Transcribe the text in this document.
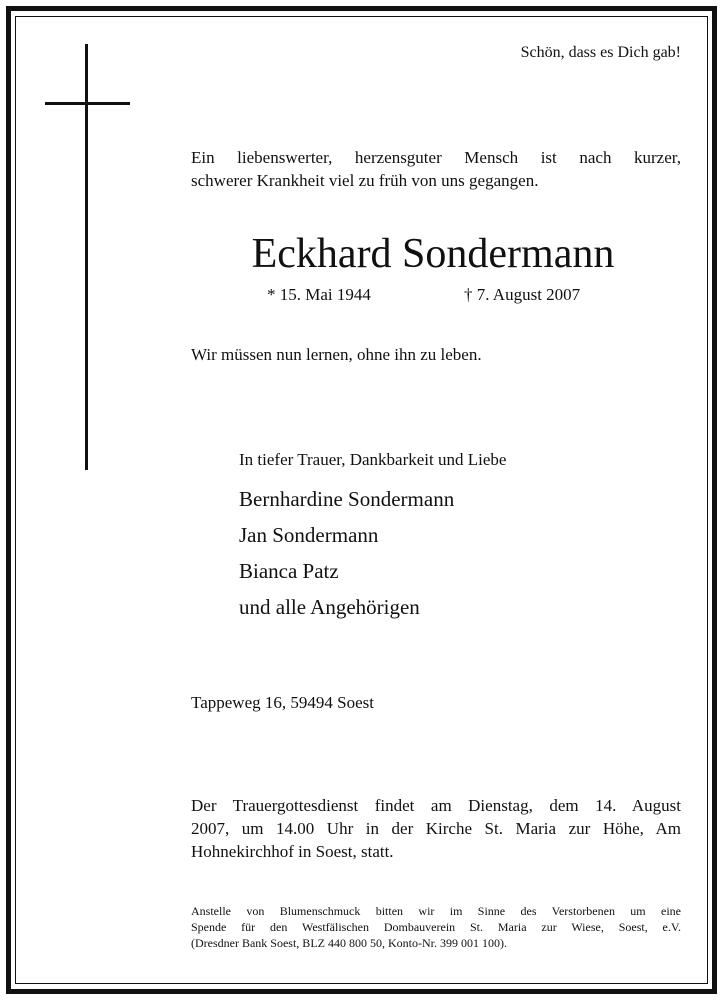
Schön, dass es Dich gab!
Ein liebenswerter, herzensguter Mensch ist nach kurzer,
schwerer Krankheit viel zu früh von uns gegangen.
Eckhard Sondermann
* 15. Mai 1944	† 7. August 2007
Wir müssen nun lernen, ohne ihn zu leben.
In tiefer Trauer, Dankbarkeit und Liebe
Bernhardine Sondermann
Jan Sondermann
Bianca Patz
und alle Angehörigen
Tappeweg 16, 59494 Soest
Der Trauergottesdienst findet am Dienstag, dem 14. August
2007, um 14.00 Uhr in der Kirche St. Maria zur Höhe, Am
Hohnekirchhof in Soest, statt.
Anstelle von Blumenschmuck bitten wir im Sinne des Verstorbenen um eine
Spende für den Westfälischen Dombauverein St. Maria zur Wiese, Soest, e.V.
(Dresdner Bank Soest, BLZ 440 800 50, Konto-Nr. 399 001 100).
